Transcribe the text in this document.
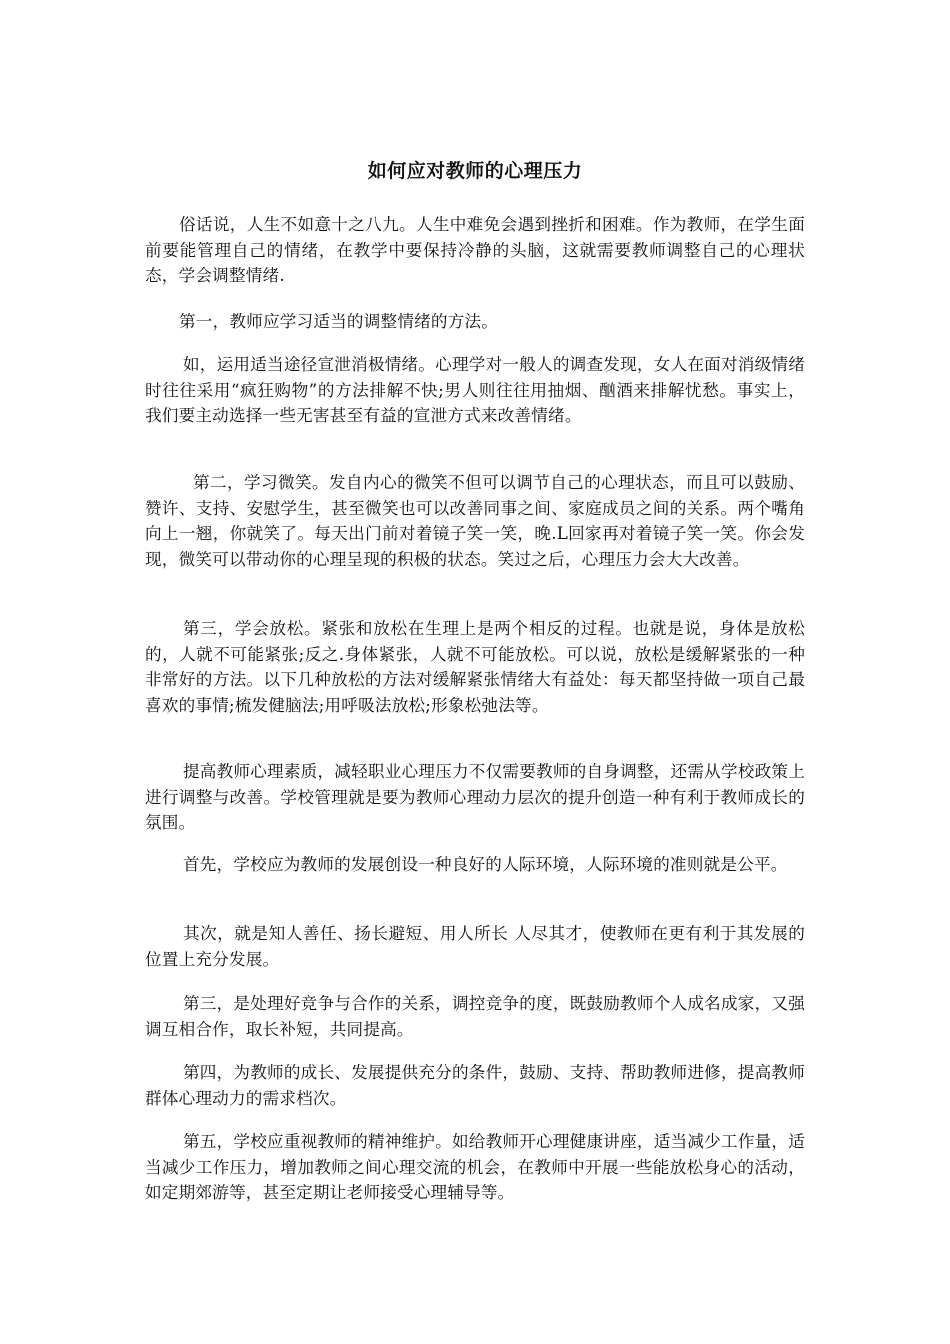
如何应对教师的心理压力

俗话说，人生不如意十之八九。人生中难免会遇到挫折和困难。作为教师，在学生面前要能管理自己的情绪，在教学中要保持冷静的头脑，这就需要教师调整自己的心理状态，学会调整情绪.

第一，教师应学习适当的调整情绪的方法。

如，运用适当途径宣泄消极情绪。心理学对一般人的调查发现，女人在面对消级情绪时往往采用“疯狂购物”的方法排解不快;男人则往往用抽烟、酗酒来排解忧愁。事实上，我们要主动选择一些无害甚至有益的宣泄方式来改善情绪。

第二，学习微笑。发自内心的微笑不但可以调节自己的心理状态，而且可以鼓励、赞许、支持、安慰学生，甚至微笑也可以改善同事之间、家庭成员之间的关系。两个嘴角向上一翘，你就笑了。每天出门前对着镜子笑一笑，晚.L回家再对着镜子笑一笑。你会发现，微笑可以带动你的心理呈现的积极的状态。笑过之后，心理压力会大大改善。

第三，学会放松。紧张和放松在生理上是两个相反的过程。也就是说，身体是放松的，人就不可能紧张;反之.身体紧张，人就不可能放松。可以说，放松是缓解紧张的一种非常好的方法。以下几种放松的方法对缓解紧张情绪大有益处：每天都坚持做一项自己最喜欢的事情;梳发健脑法;用呼吸法放松;形象松弛法等。

提高教师心理素质，减轻职业心理压力不仅需要教师的自身调整，还需从学校政策上进行调整与改善。学校管理就是要为教师心理动力层次的提升创造一种有利于教师成长的氛围。

首先，学校应为教师的发展创设一种良好的人际环境，人际环境的准则就是公平。

其次，就是知人善任、扬长避短、用人所长 人尽其才，使教师在更有利于其发展的位置上充分发展。

第三，是处理好竞争与合作的关系，调控竞争的度，既鼓励教师个人成名成家，又强调互相合作，取长补短，共同提高。

第四，为教师的成长、发展提供充分的条件，鼓励、支持、帮助教师进修，提高教师群体心理动力的需求档次。

第五，学校应重视教师的精神维护。如给教师开心理健康讲座，适当减少工作量，适当减少工作压力，增加教师之间心理交流的机会，在教师中开展一些能放松身心的活动，如定期郊游等，甚至定期让老师接受心理辅导等。
